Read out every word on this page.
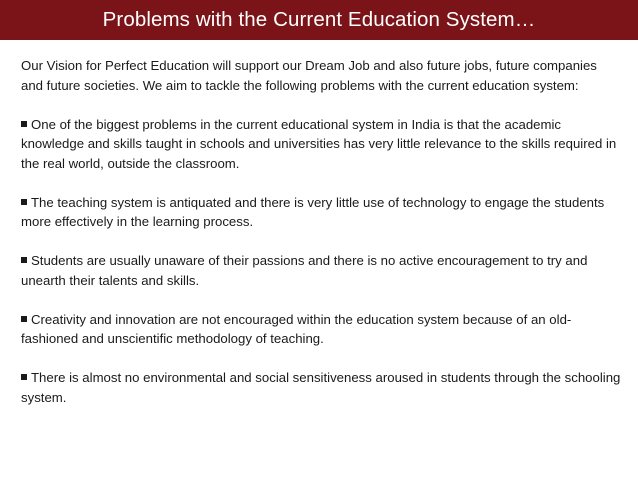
Problems with the Current Education System…

Our Vision for Perfect Education will support our Dream Job and also future jobs, future companies and future societies. We aim to tackle the following problems with the current education system:

One of the biggest problems in the current educational system in India is that the academic knowledge and skills taught in schools and universities has very little relevance to the skills required in the real world, outside the classroom.

The teaching system is antiquated and there is very little use of technology to engage the students more effectively in the learning process.

Students are usually unaware of their passions and there is no active encouragement to try and unearth their talents and skills.

Creativity and innovation are not encouraged within the education system because of an old-fashioned and unscientific methodology of teaching.

There is almost no environmental and social sensitiveness aroused in students through the schooling system.
